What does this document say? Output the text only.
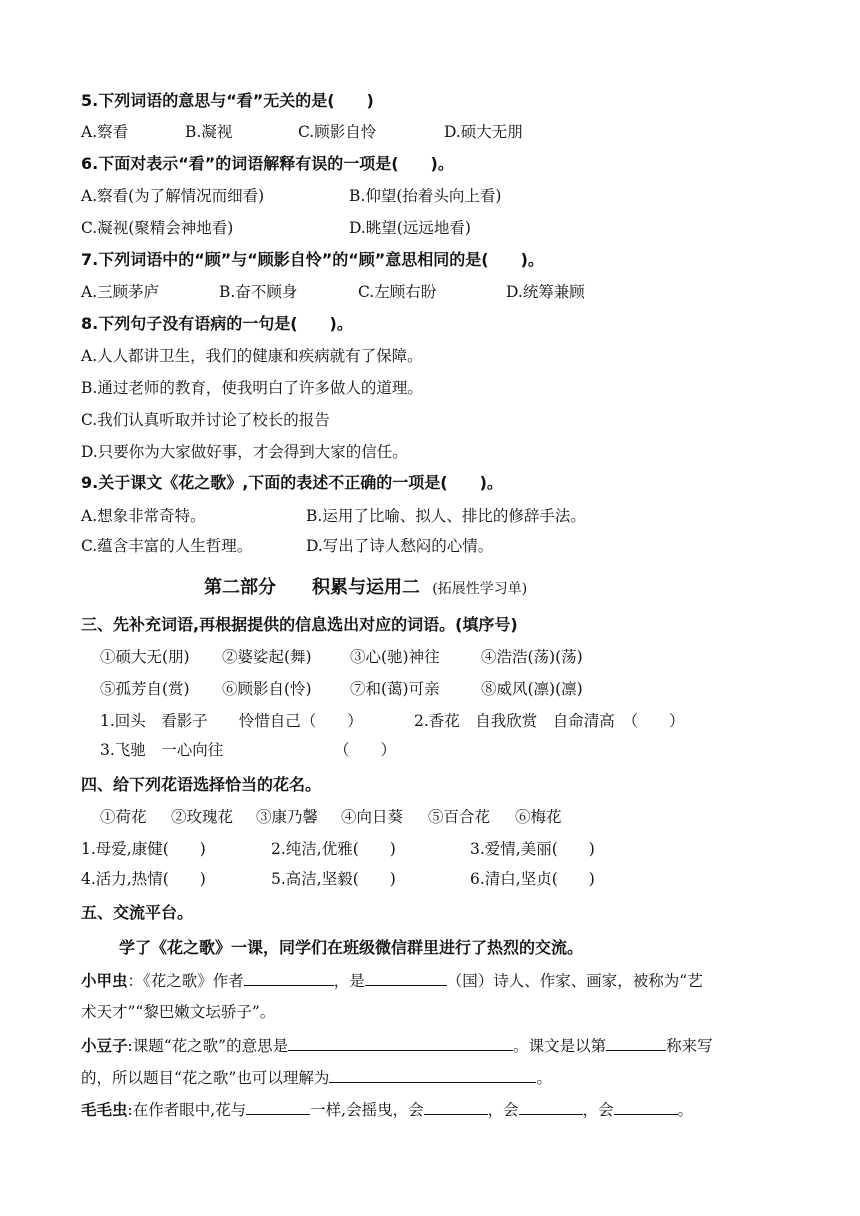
5.下列词语的意思与“看”无关的是(　　)
A.察看	B.凝视	C.顾影自怜	D.硕大无朋
6.下面对表示“看”的词语解释有误的一项是(　　)。
A.察看(为了解情况而细看)	B.仰望(抬着头向上看)
C.凝视(聚精会神地看)	D.眺望(远远地看)
7.下列词语中的“顾”与“顾影自怜”的“顾”意思相同的是(　　)。
A.三顾茅庐	B.奋不顾身	C.左顾右盼	D.统筹兼顾
8.下列句子没有语病的一句是(　　)。
A.人人都讲卫生，我们的健康和疾病就有了保障。
B.通过老师的教育，使我明白了许多做人的道理。
C.我们认真听取并讨论了校长的报告
D.只要你为大家做好事，才会得到大家的信任。
9.关于课文《花之歌》,下面的表述不正确的一项是(　　)。
A.想象非常奇特。	B.运用了比喻、拟人、排比的修辞手法。
C.蕴含丰富的人生哲理。	D.写出了诗人愁闷的心情。
第二部分　　积累与运用二 (拓展性学习单)
三、先补充词语,再根据提供的信息选出对应的词语。(填序号)
①硕大无(朋) ②婆娑起(舞) ③心(驰)神往	④浩浩(荡)(荡)
⑤孤芳自(赏) ⑥顾影自(怜) ⑦和(蔼)可亲	⑧威风(凛)(凛)
1.回头　看影子　　怜惜自己（　　）	2.香花　自我欣赏　自命清高　（　　）
3.飞驰　一心向往	（　　）
四、给下列花语选择恰当的花名。
①荷花 ②玫瑰花 ③康乃馨 ④向日葵 ⑤百合花 ⑥梅花
1.母爱,康健(　　)	2.纯洁,优雅(　　)	3.爱情,美丽(　　)
4.活力,热情(　　)	5.高洁,坚毅(　　)	6.清白,坚贞(　　)
五、交流平台。
学了《花之歌》一课，同学们在班级微信群里进行了热烈的交流。
小甲虫：《花之歌》作者	，是	（国）诗人、作家、画家，被称为“艺
术天才”“黎巴嫩文坛骄子”。
小豆子:课题“花之歌”的意思是	。课文是以第	称来写
的，所以题目“花之歌”也可以理解为	。
毛毛虫:在作者眼中,花与	一样,会摇曳，会	，会	，会	。
